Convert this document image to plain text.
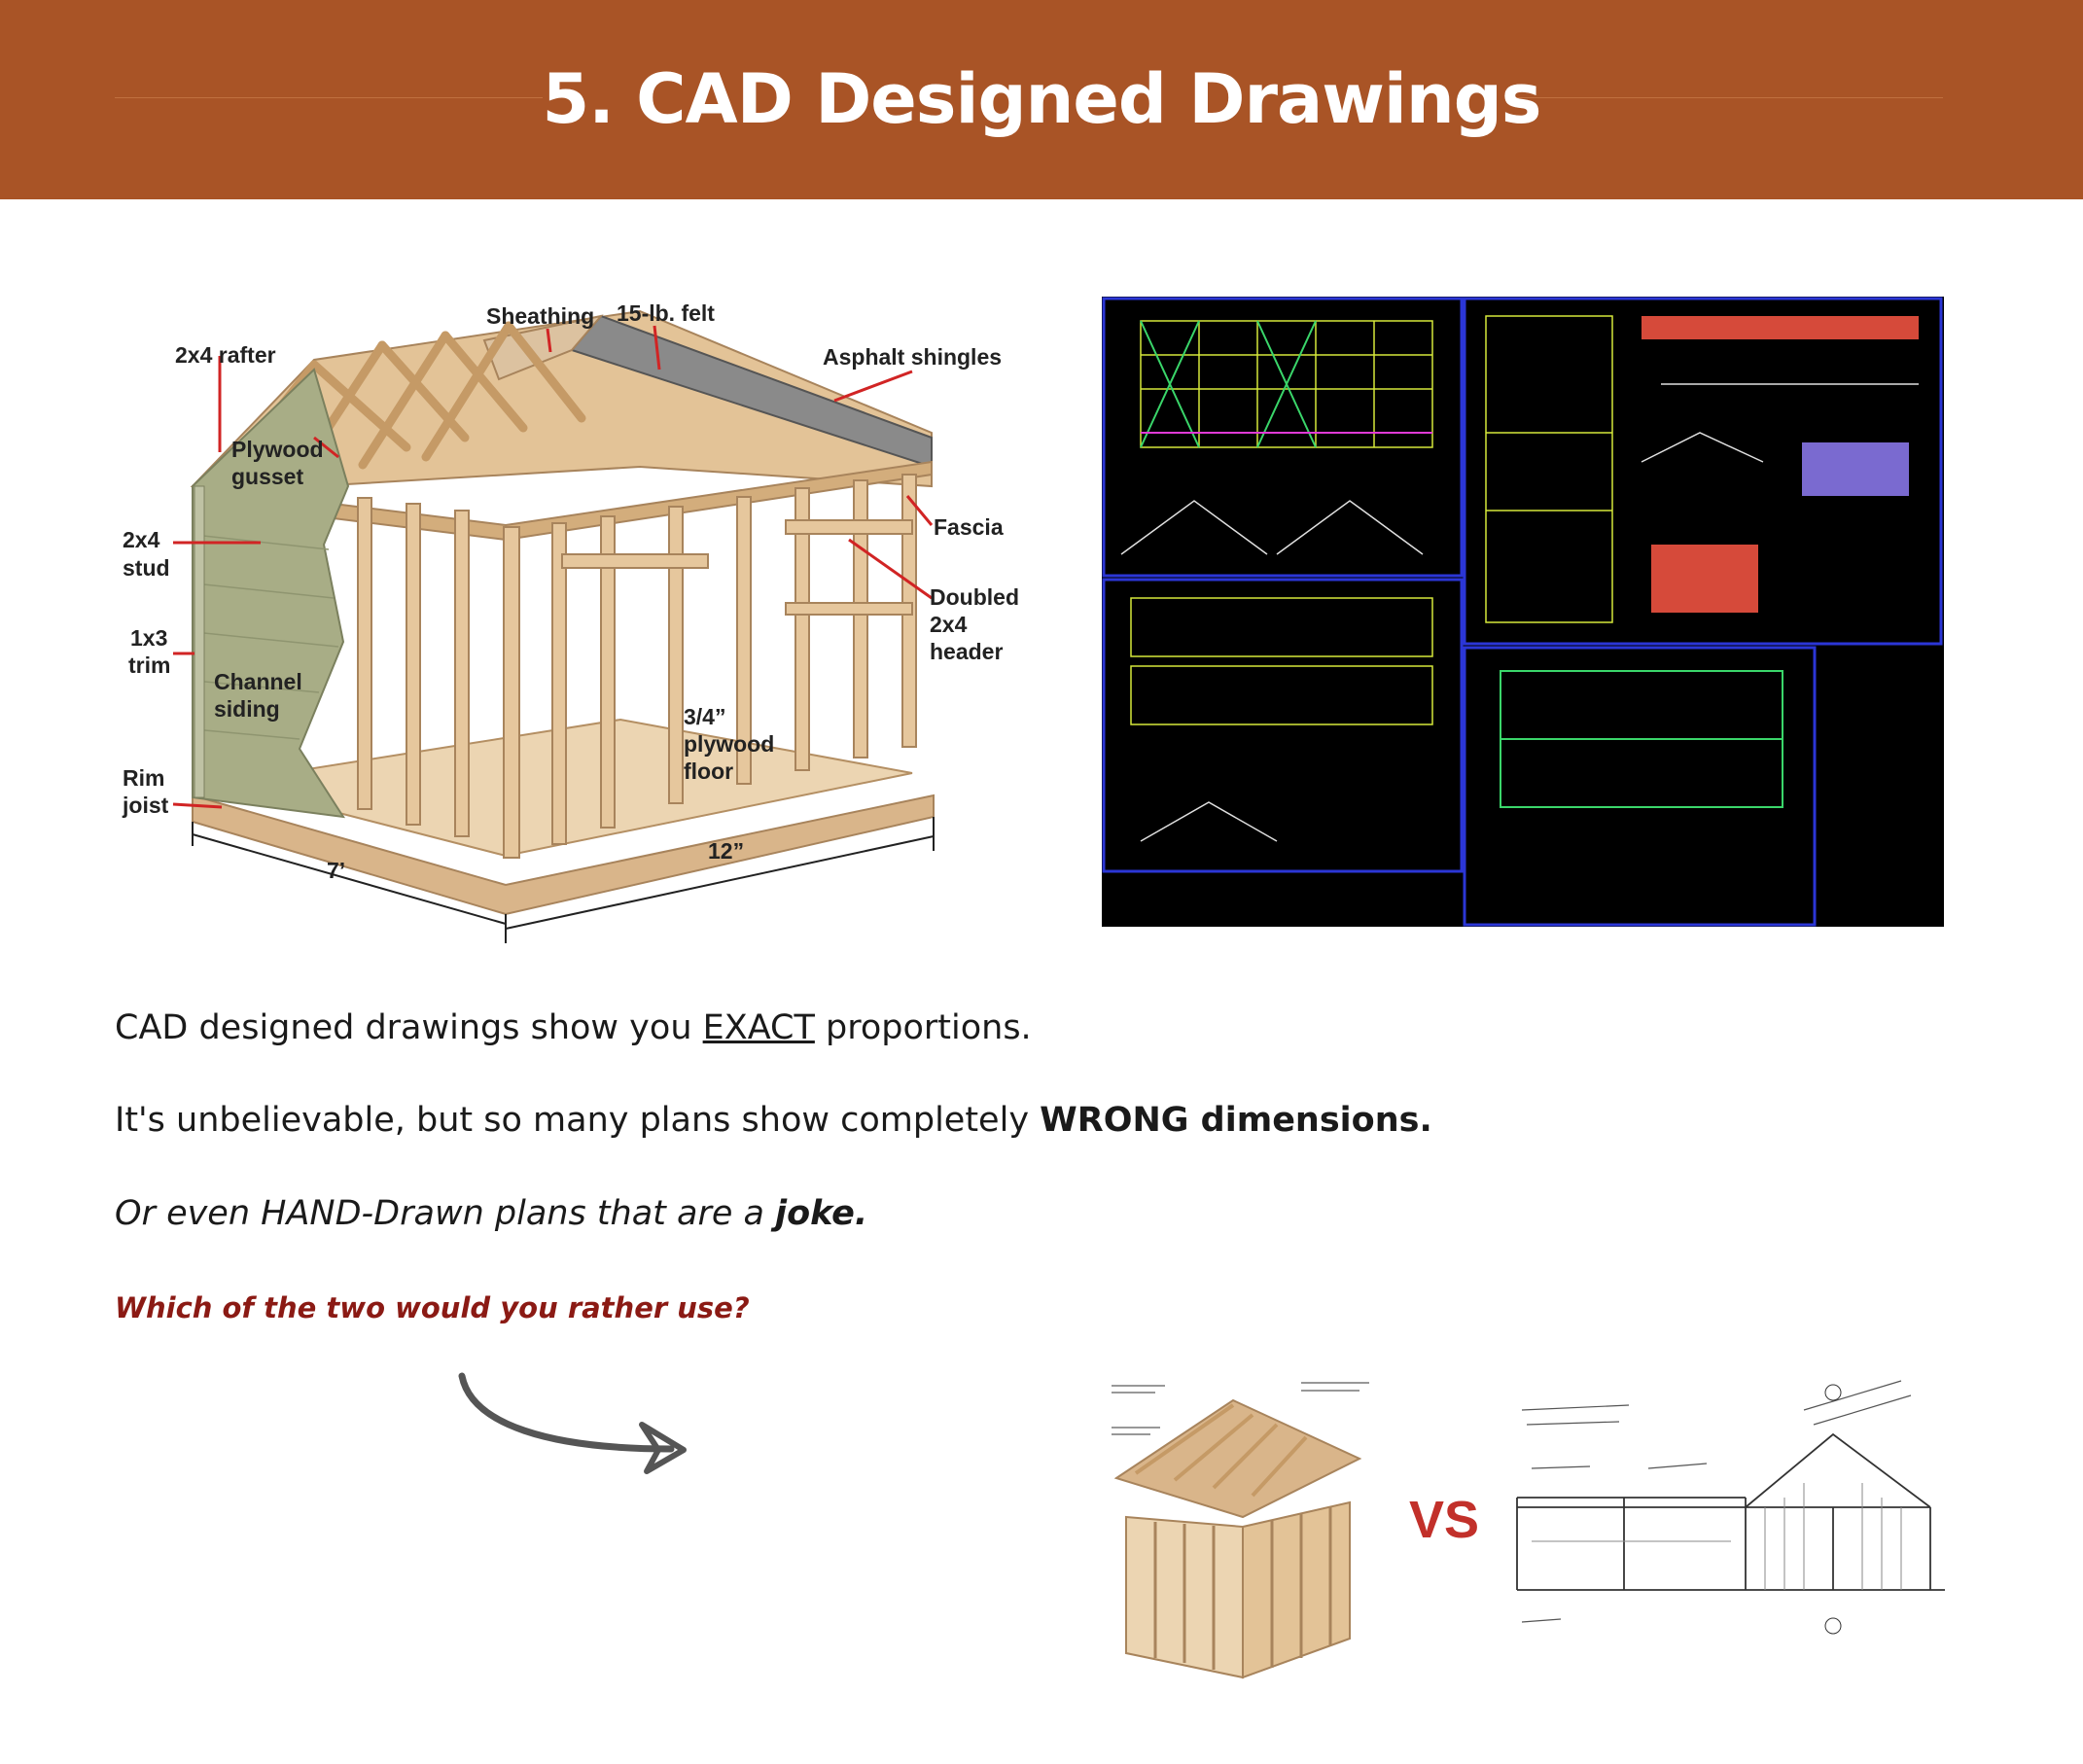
5. CAD Designed Drawings
Sheathing 15-lb. felt
2x4 rafter	Asphalt shingles
Plywood
gusset
Fascia
2x4
stud
Doubled
2x4
header
1x3
trim
Channel
siding	3/4”
plywood
floor
Rim
joist
7’
12”

CAD designed drawings show you EXACT proportions.

It's unbelievable, but so many plans show completely WRONG dimensions.

Or even HAND-Drawn plans that are a joke.

Which of the two would you rather use?

VS
